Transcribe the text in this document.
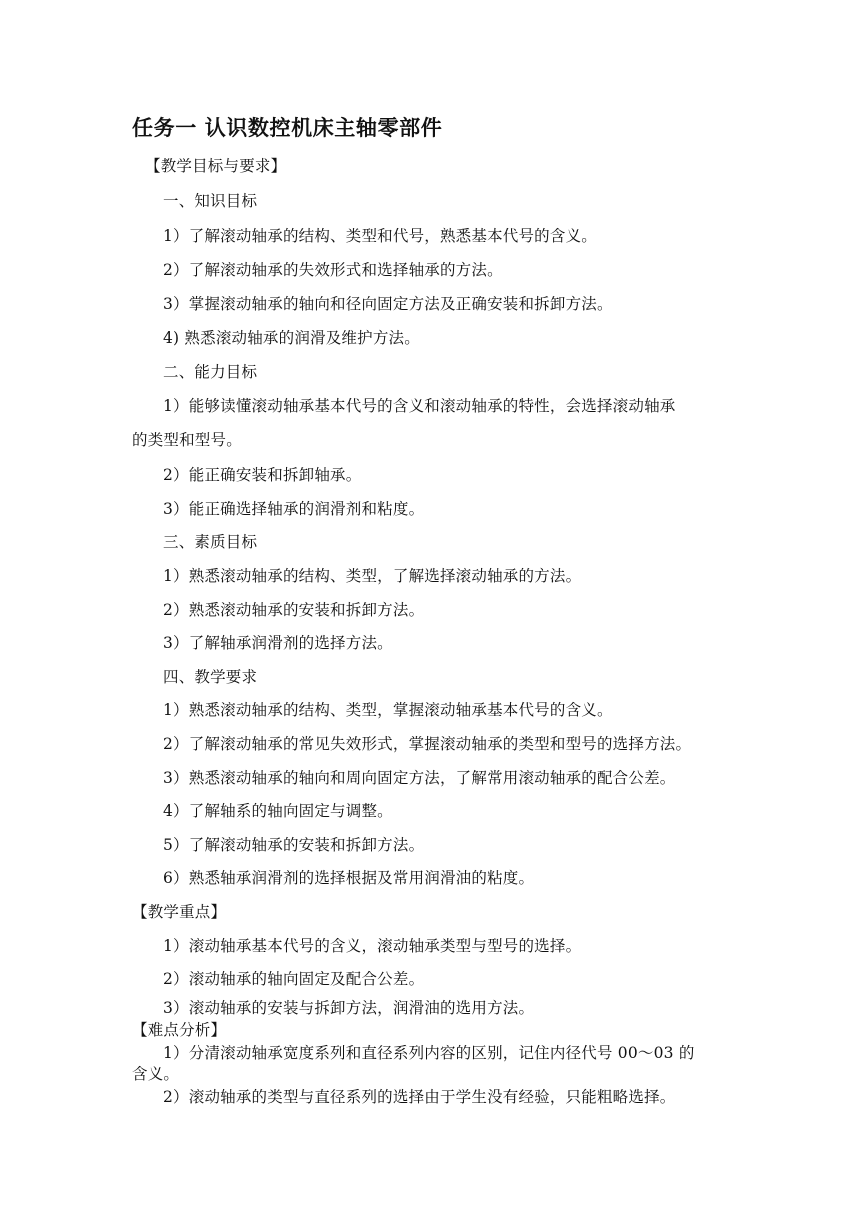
任务一 认识数控机床主轴零部件
【教学目标与要求】
一、知识目标
1）了解滚动轴承的结构、类型和代号，熟悉基本代号的含义。
2）了解滚动轴承的失效形式和选择轴承的方法。
3）掌握滚动轴承的轴向和径向固定方法及正确安装和拆卸方法。
4) 熟悉滚动轴承的润滑及维护方法。
二、能力目标
1）能够读懂滚动轴承基本代号的含义和滚动轴承的特性，会选择滚动轴承
的类型和型号。
2）能正确安装和拆卸轴承。
3）能正确选择轴承的润滑剂和粘度。
三、素质目标
1）熟悉滚动轴承的结构、类型，了解选择滚动轴承的方法。
2）熟悉滚动轴承的安装和拆卸方法。
3）了解轴承润滑剂的选择方法。
四、教学要求
1）熟悉滚动轴承的结构、类型，掌握滚动轴承基本代号的含义。
2）了解滚动轴承的常见失效形式，掌握滚动轴承的类型和型号的选择方法。
3）熟悉滚动轴承的轴向和周向固定方法，了解常用滚动轴承的配合公差。
4）了解轴系的轴向固定与调整。
5）了解滚动轴承的安装和拆卸方法。
6）熟悉轴承润滑剂的选择根据及常用润滑油的粘度。
【教学重点】
1）滚动轴承基本代号的含义，滚动轴承类型与型号的选择。
2）滚动轴承的轴向固定及配合公差。
3）滚动轴承的安装与拆卸方法，润滑油的选用方法。
【难点分析】
1）分清滚动轴承宽度系列和直径系列内容的区别，记住内径代号 00～03 的
含义。
2）滚动轴承的类型与直径系列的选择由于学生没有经验，只能粗略选择。
